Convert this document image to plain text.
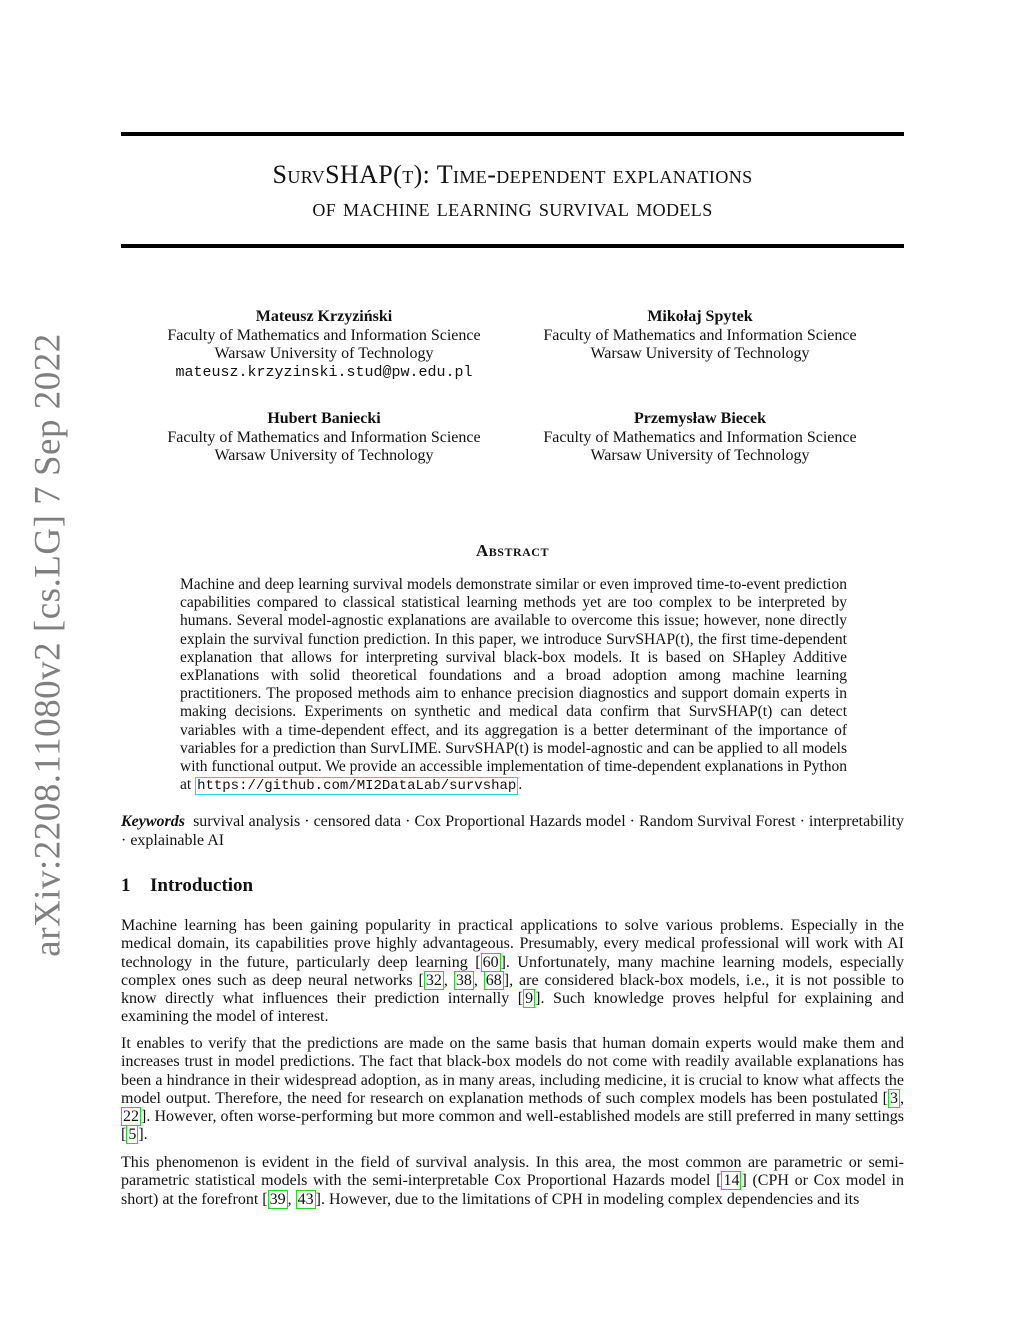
arXiv:2208.11080v2 [cs.LG] 7 Sep 2022
SurvSHAP(t): Time-dependent explanations
of machine learning survival models
Mateusz Krzyziński
Faculty of Mathematics and Information Science
Warsaw University of Technology
mateusz.krzyzinski.stud@pw.edu.pl
Mikołaj Spytek
Faculty of Mathematics and Information Science
Warsaw University of Technology
Hubert Baniecki
Faculty of Mathematics and Information Science
Warsaw University of Technology
Przemysław Biecek
Faculty of Mathematics and Information Science
Warsaw University of Technology
Abstract
Machine and deep learning survival models demonstrate similar or even improved time-to-event prediction capabilities compared to classical statistical learning methods yet are too complex to be interpreted by humans. Several model-agnostic explanations are available to overcome this issue; however, none directly explain the survival function prediction. In this paper, we introduce SurvSHAP(t), the first time-dependent explanation that allows for interpreting survival black-box models. It is based on SHapley Additive exPlanations with solid theoretical foundations and a broad adoption among machine learning practitioners. The proposed methods aim to enhance precision diagnostics and support domain experts in making decisions. Experiments on synthetic and medical data confirm that SurvSHAP(t) can detect variables with a time-dependent effect, and its aggregation is a better determinant of the importance of variables for a prediction than SurvLIME. SurvSHAP(t) is model-agnostic and can be applied to all models with functional output. We provide an accessible implementation of time-dependent explanations in Python at https://github.com/MI2DataLab/survshap .
Keywords survival analysis · censored data · Cox Proportional Hazards model · Random Survival Forest · interpretability · explainable AI
1 Introduction

Machine learning has been gaining popularity in practical applications to solve various problems. Especially in the medical domain, its capabilities prove highly advantageous. Presumably, every medical professional will work with AI technology in the future, particularly deep learning [ 60 ]. Unfortunately, many machine learning models, especially complex ones such as deep neural networks [ 32 , 38 , 68 ], are considered black-box models, i.e., it is not possible to know directly what influences their prediction internally [ 9 ]. Such knowledge proves helpful for explaining and examining the model of interest.

It enables to verify that the predictions are made on the same basis that human domain experts would make them and increases trust in model predictions. The fact that black-box models do not come with readily available explanations has been a hindrance in their widespread adoption, as in many areas, including medicine, it is crucial to know what affects the model output. Therefore, the need for research on explanation methods of such complex models has been postulated [ 3 , 22 ]. However, often worse-performing but more common and well-established models are still preferred in many settings [ 5 ].

This phenomenon is evident in the field of survival analysis. In this area, the most common are parametric or semi-parametric statistical models with the semi-interpretable Cox Proportional Hazards model [ 14 ] (CPH or Cox model in short) at the forefront [ 39 , 43 ]. However, due to the limitations of CPH in modeling complex dependencies and its
